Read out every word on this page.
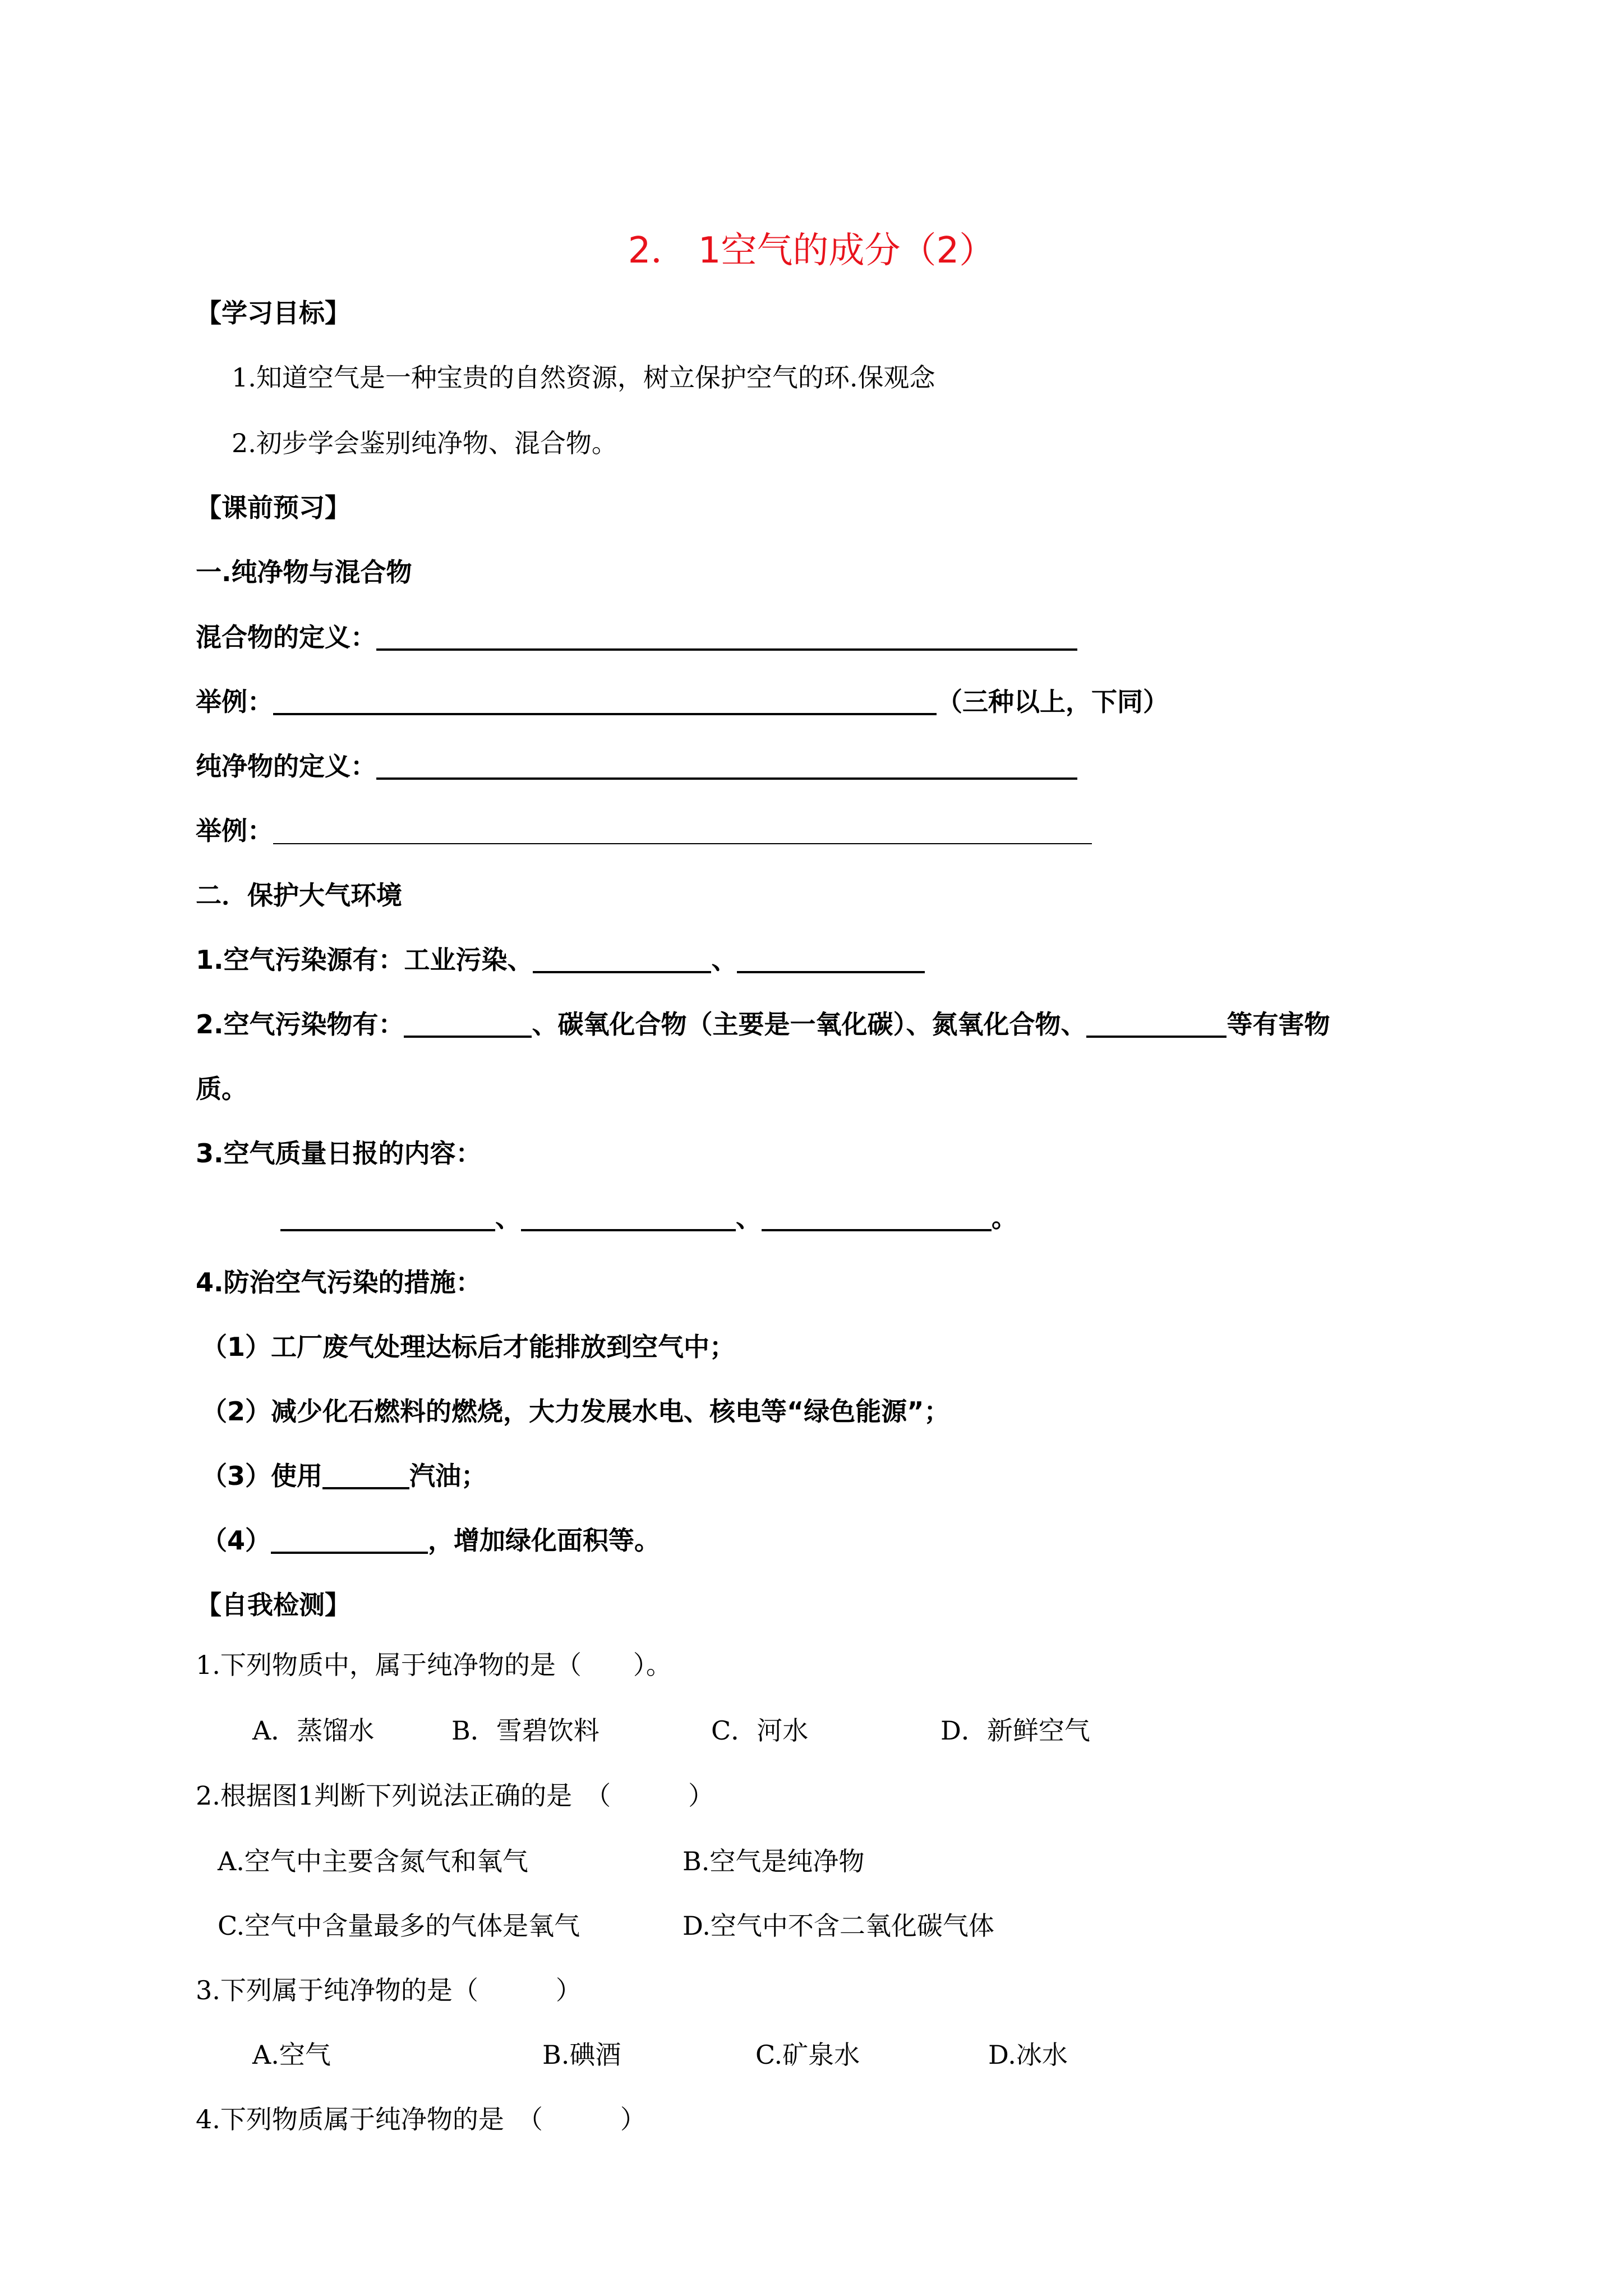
2． 1空气的成分（2）
【学习目标】
1.知道空气是一种宝贵的自然资源，树立保护空气的环.保观念
2.初步学会鉴别纯净物、混合物。
【课前预习】
一.纯净物与混合物
混合物的定义：
举例：	（三种以上，下同）
纯净物的定义：
举例：
二．保护大气环境
1.空气污染源有：工业污染、	、
2.空气污染物有：	、碳氧化合物（主要是一氧化碳）、氮氧化合物、	等有害物
质。
3.空气质量日报的内容：
、	、	。
4.防治空气污染的措施：
（1）工厂废气处理达标后才能排放到空气中；
（2）减少化石燃料的燃烧，大力发展水电、核电等“绿色能源”；
（3）使用	汽油；
（4）	，增加绿化面积等。
【自我检测】
1.下列物质中，属于纯净物的是（　　）。
A．蒸馏水	B．雪碧饮料	C．河水	D．新鲜空气
2.根据图1判断下列说法正确的是　（　　　）
A.空气中主要含氮气和氧气	B.空气是纯净物
C.空气中含量最多的气体是氧气	D.空气中不含二氧化碳气体
3.下列属于纯净物的是（　　　）
A.空气	B.碘酒	C.矿泉水	D.冰水
4.下列物质属于纯净物的是　（　　　）
